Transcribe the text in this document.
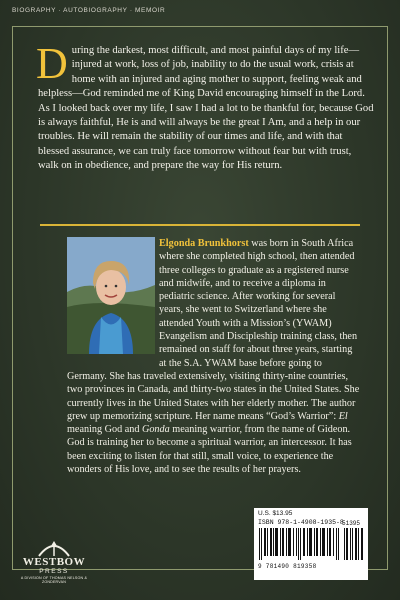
BIOGRAPHY · AUTOBIOGRAPHY · MEMOIR
During the darkest, most difficult, and most painful days of my life—injured at work, loss of job, inability to do the usual work, crisis at home with an injured and aging mother to support, feeling weak and helpless—God reminded me of King David encouraging himself in the Lord. As I looked back over my life, I saw I had a lot to be thankful for, because God is always faithful, He is and will always be the great I Am, and a help in our troubles. He will remain the stability of our times and life, and with that blessed assurance, we can truly face tomorrow without fear but with trust, walk on in obedience, and prepare the way for His return.
Elgonda Brunkhorst was born in South Africa where she completed high school, then attended three colleges to graduate as a registered nurse and midwife, and to receive a diploma in pediatric science. After working for several years, she went to Switzerland where she attended Youth with a Mission’s (YWAM) Evangelism and Discipleship training class, then remained on staff for about three years, starting at the S.A. YWAM base before going to Germany. She has traveled extensively, visiting thirty-nine countries, two provinces in Canada, and thirty-two states in the United States. She currently lives in the United States with her elderly mother. The author grew up memorizing scripture. Her name means “God’s Warrior”: El meaning God and Gonda meaning warrior, from the name of Gideon. God is training her to become a spiritual warrior, an intercessor. It has been exciting to listen for that still, small voice, to experience the wonders of His love, and to see the results of her prayers.
U.S. $13.95
ISBN 978-1-4908-1935-8
51395
9 781490 819358
WESTBOW
PRESS
A DIVISION OF THOMAS NELSON & ZONDERVAN
